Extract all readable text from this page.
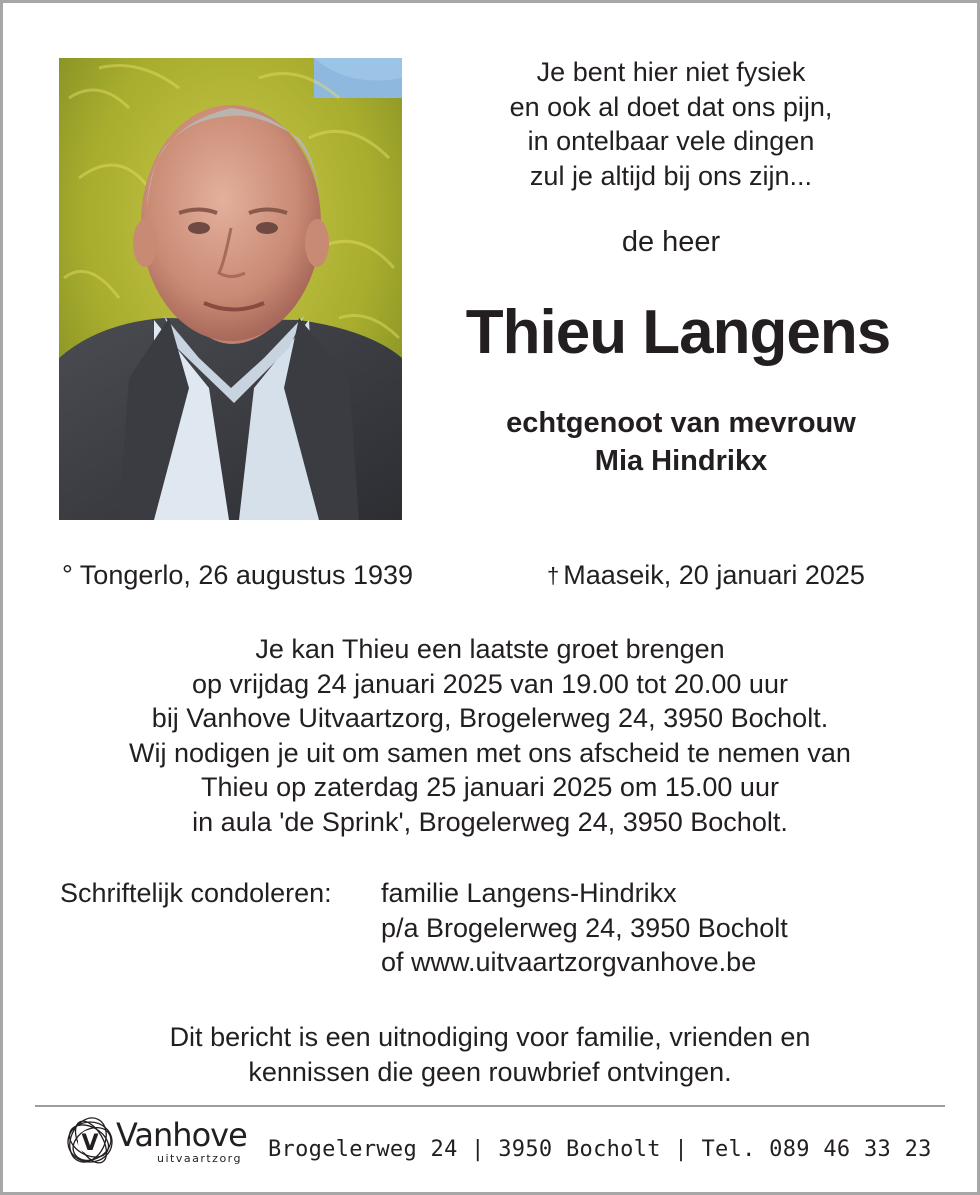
Je bent hier niet fysiek
en ook al doet dat ons pijn,
in ontelbaar vele dingen
zul je altijd bij ons zijn...
de heer
Thieu Langens
echtgenoot van mevrouw
Mia Hindrikx
° Tongerlo, 26 augustus 1939	† Maaseik, 20 januari 2025
Je kan Thieu een laatste groet brengen
op vrijdag 24 januari 2025 van 19.00 tot 20.00 uur
bij Vanhove Uitvaartzorg, Brogelerweg 24, 3950 Bocholt.
Wij nodigen je uit om samen met ons afscheid te nemen van
Thieu op zaterdag 25 januari 2025 om 15.00 uur
in aula 'de Sprink', Brogelerweg 24, 3950 Bocholt.
Schriftelijk condoleren: familie Langens-Hindrikx
p/a Brogelerweg 24, 3950 Bocholt
of www.uitvaartzorgvanhove.be
Dit bericht is een uitnodiging voor familie, vrienden en
kennissen die geen rouwbrief ontvingen.
V Vanhove
uitvaartzorg Brogelerweg 24 | 3950 Bocholt | Tel. 089 46 33 23
